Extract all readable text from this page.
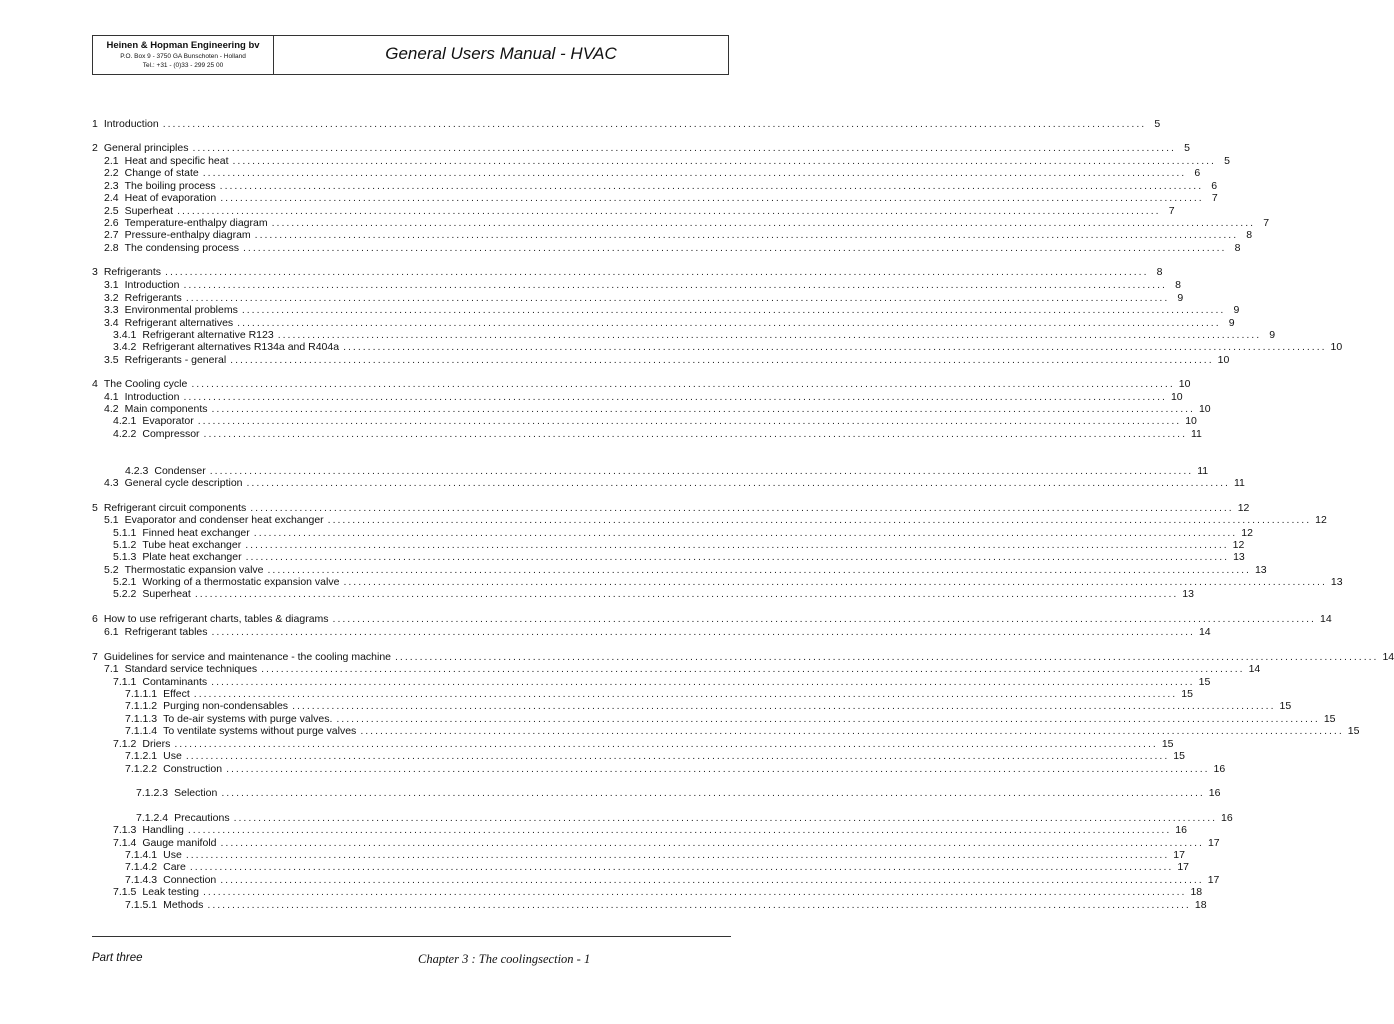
Heinen & Hopman Engineering bv
P.O. Box 9 - 3750 GA Bunschoten - Holland
Tel.: +31 - (0)33 - 299 25 00
General Users Manual - HVAC
1 Introduction ........................................................................................................................................................................................................ 5
2 General principles ........................................................................................................................................................................................................ 5
2.1 Heat and specific heat ........................................................................................................................................................................................................ 5
2.2 Change of state ........................................................................................................................................................................................................ 6
2.3 The boiling process ........................................................................................................................................................................................................ 6
2.4 Heat of evaporation ........................................................................................................................................................................................................ 7
2.5 Superheat ........................................................................................................................................................................................................ 7
2.6 Temperature-enthalpy diagram ........................................................................................................................................................................................................ 7
2.7 Pressure-enthalpy diagram ........................................................................................................................................................................................................ 8
2.8 The condensing process ........................................................................................................................................................................................................ 8
3 Refrigerants ........................................................................................................................................................................................................ 8
3.1 Introduction ........................................................................................................................................................................................................ 8
3.2 Refrigerants ........................................................................................................................................................................................................ 9
3.3 Environmental problems ........................................................................................................................................................................................................ 9
3.4 Refrigerant alternatives ........................................................................................................................................................................................................ 9
3.4.1 Refrigerant alternative R123 ........................................................................................................................................................................................................ 9
3.4.2 Refrigerant alternatives R134a and R404a ........................................................................................................................................................................................................ 10
3.5 Refrigerants - general ........................................................................................................................................................................................................ 10
4 The Cooling cycle ........................................................................................................................................................................................................ 10
4.1 Introduction ........................................................................................................................................................................................................ 10
4.2 Main components ........................................................................................................................................................................................................ 10
4.2.1 Evaporator ........................................................................................................................................................................................................ 10
4.2.2 Compressor ........................................................................................................................................................................................................ 11
4.2.3 Condenser ........................................................................................................................................................................................................ 11
4.3 General cycle description ........................................................................................................................................................................................................ 11
5 Refrigerant circuit components ........................................................................................................................................................................................................ 12
5.1 Evaporator and condenser heat exchanger ........................................................................................................................................................................................................ 12
5.1.1 Finned heat exchanger ........................................................................................................................................................................................................ 12
5.1.2 Tube heat exchanger ........................................................................................................................................................................................................ 12
5.1.3 Plate heat exchanger ........................................................................................................................................................................................................ 13
5.2 Thermostatic expansion valve ........................................................................................................................................................................................................ 13
5.2.1 Working of a thermostatic expansion valve ........................................................................................................................................................................................................ 13
5.2.2 Superheat ........................................................................................................................................................................................................ 13
6 How to use refrigerant charts, tables & diagrams ........................................................................................................................................................................................................ 14
6.1 Refrigerant tables ........................................................................................................................................................................................................ 14
7 Guidelines for service and maintenance - the cooling machine ........................................................................................................................................................................................................ 14
7.1 Standard service techniques ........................................................................................................................................................................................................ 14
7.1.1 Contaminants ........................................................................................................................................................................................................ 15
7.1.1.1 Effect ........................................................................................................................................................................................................ 15
7.1.1.2 Purging non-condensables ........................................................................................................................................................................................................ 15
7.1.1.3 To de-air systems with purge valves. ........................................................................................................................................................................................................ 15
7.1.1.4 To ventilate systems without purge valves ........................................................................................................................................................................................................ 15
7.1.2 Driers ........................................................................................................................................................................................................ 15
7.1.2.1 Use ........................................................................................................................................................................................................ 15
7.1.2.2 Construction ........................................................................................................................................................................................................ 16
7.1.2.3 Selection ........................................................................................................................................................................................................ 16
7.1.2.4 Precautions ........................................................................................................................................................................................................ 16
7.1.3 Handling ........................................................................................................................................................................................................ 16
7.1.4 Gauge manifold ........................................................................................................................................................................................................ 17
7.1.4.1 Use ........................................................................................................................................................................................................ 17
7.1.4.2 Care ........................................................................................................................................................................................................ 17
7.1.4.3 Connection ........................................................................................................................................................................................................ 17
7.1.5 Leak testing ........................................................................................................................................................................................................ 18
7.1.5.1 Methods ........................................................................................................................................................................................................ 18
Part three	Chapter 3 : The coolingsection - 1
